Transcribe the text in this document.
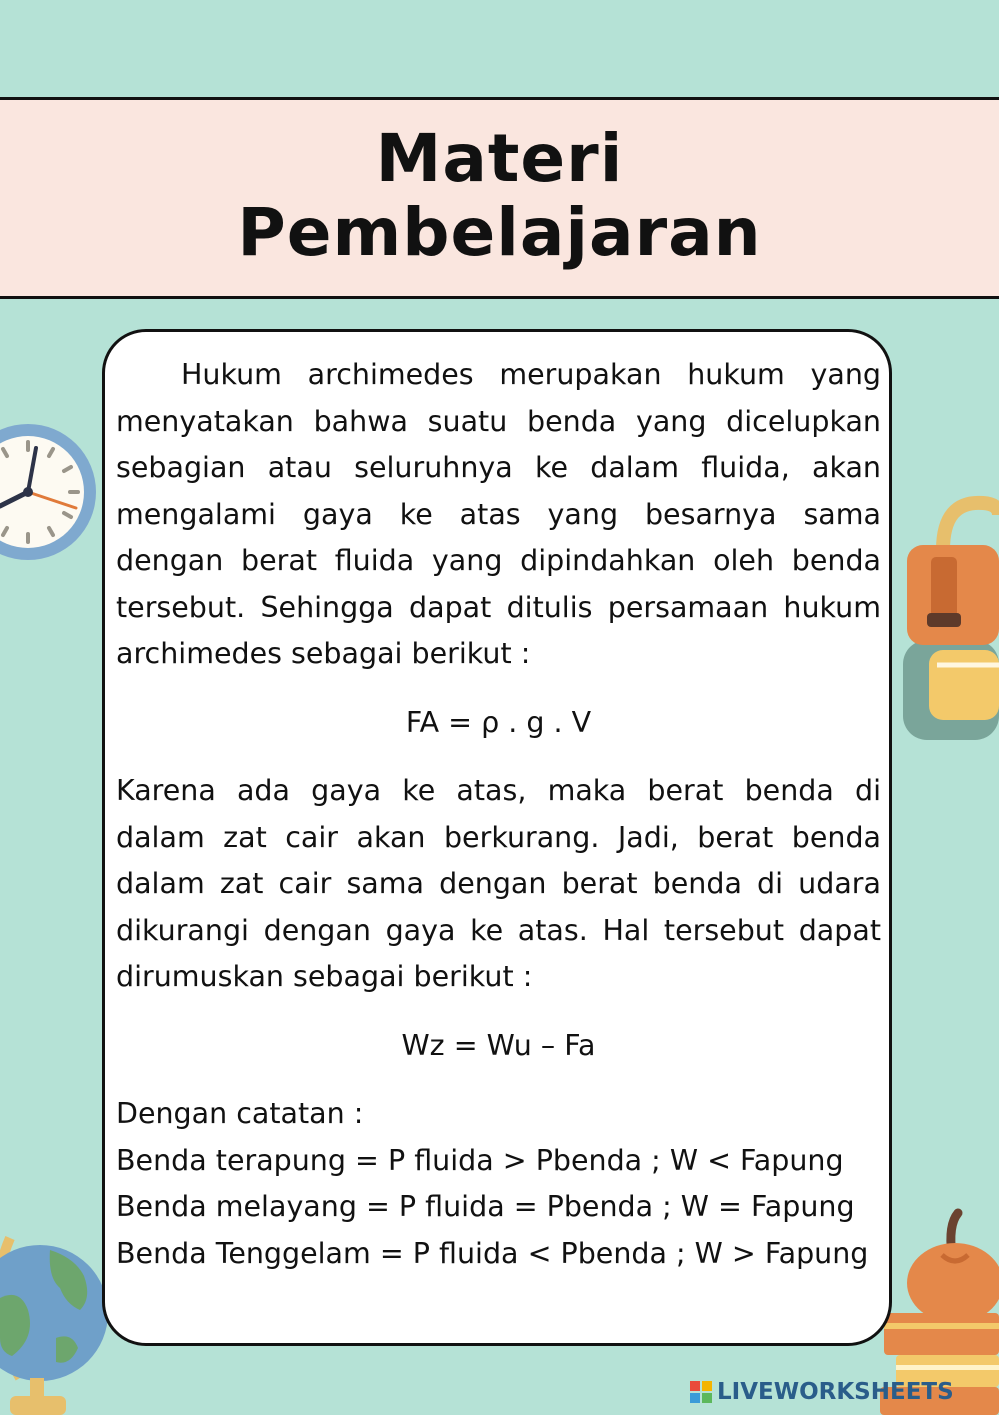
Materi
Pembelajaran

Hukum archimedes merupakan hukum yang menyatakan bahwa suatu benda yang dicelupkan sebagian atau seluruhnya ke dalam fluida, akan mengalami gaya ke atas yang besarnya sama dengan berat fluida yang dipindahkan oleh benda tersebut. Sehingga dapat ditulis persamaan hukum archimedes sebagai berikut :

FA = ρ . g . V

Karena ada gaya ke atas, maka berat benda di dalam zat cair akan berkurang. Jadi, berat benda dalam zat cair sama dengan berat benda di udara dikurangi dengan gaya ke atas. Hal tersebut dapat dirumuskan sebagai berikut :

Wz = Wu – Fa

Dengan catatan :

Benda terapung = P fluida > Pbenda ; W < Fapung

Benda melayang = P fluida = Pbenda ; W = Fapung

Benda Tenggelam = P fluida < Pbenda ; W > Fapung

LIVEWORKSHEETS
